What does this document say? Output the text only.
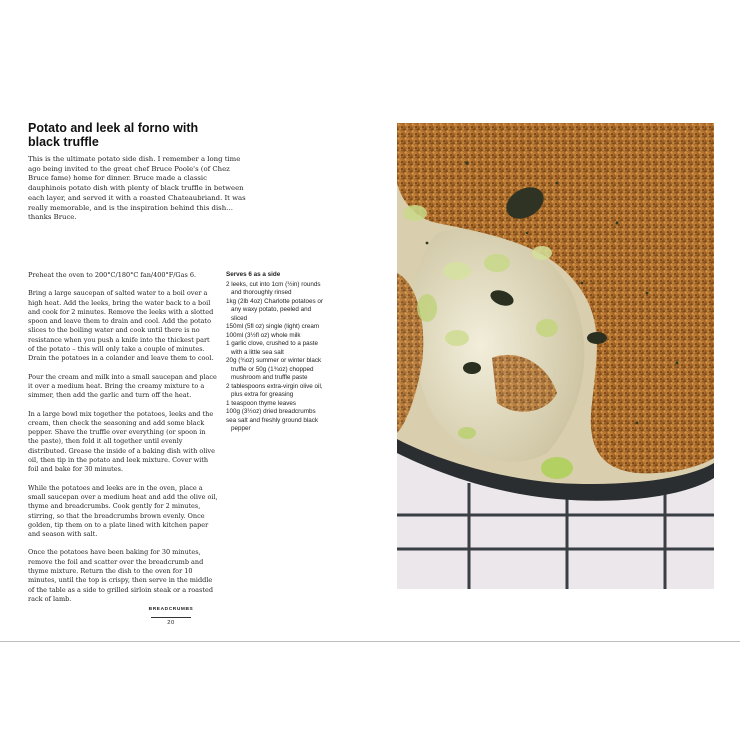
Potato and leek al forno with black truffle
This is the ultimate potato side dish. I remember a long time ago being invited to the great chef Bruce Poole's (of Chez Bruce fame) home for dinner. Bruce made a classic dauphinois potato dish with plenty of black truffle in between each layer, and served it with a roasted Chateaubriand. It was really memorable, and is the inspiration behind this dish… thanks Bruce.

Preheat the oven to 200°C/180°C fan/400°F/Gas 6.

Bring a large saucepan of salted water to a boil over a high heat. Add the leeks, bring the water back to a boil and cook for 2 minutes. Remove the leeks with a slotted spoon and leave them to drain and cool. Add the potato slices to the boiling water and cook until there is no resistance when you push a knife into the thickest part of the potato – this will only take a couple of minutes. Drain the potatoes in a colander and leave them to cool.

Pour the cream and milk into a small saucepan and place it over a medium heat. Bring the creamy mixture to a simmer, then add the garlic and turn off the heat.

In a large bowl mix together the potatoes, leeks and the cream, then check the seasoning and add some black pepper. Shave the truffle over everything (or spoon in the paste), then fold it all together until evenly distributed. Grease the inside of a baking dish with olive oil, then tip in the potato and leek mixture. Cover with foil and bake for 30 minutes.

While the potatoes and leeks are in the oven, place a small saucepan over a medium heat and add the olive oil, thyme and breadcrumbs. Cook gently for 2 minutes, stirring, so that the breadcrumbs brown evenly. Once golden, tip them on to a plate lined with kitchen paper and season with salt.

Once the potatoes have been baking for 30 minutes, remove the foil and scatter over the breadcrumb and thyme mixture. Return the dish to the oven for 10 minutes, until the top is crispy, then serve in the middle of the table as a side to grilled sirloin steak or a roasted rack of lamb.

Serves 6 as a side
2 leeks, cut into 1cm (½in) rounds and thoroughly rinsed
1kg (2lb 4oz) Charlotte potatoes or any waxy potato, peeled and sliced
150ml (5fl oz) single (light) cream
100ml (3½fl oz) whole milk
1 garlic clove, crushed to a paste with a little sea salt
20g (¾oz) summer or winter black truffle or 50g (1¾oz) chopped mushroom and truffle paste
2 tablespoons extra-virgin olive oil, plus extra for greasing
1 teaspoon thyme leaves
100g (3½oz) dried breadcrumbs
sea salt and freshly ground black pepper
BREADCRUMBS
20
